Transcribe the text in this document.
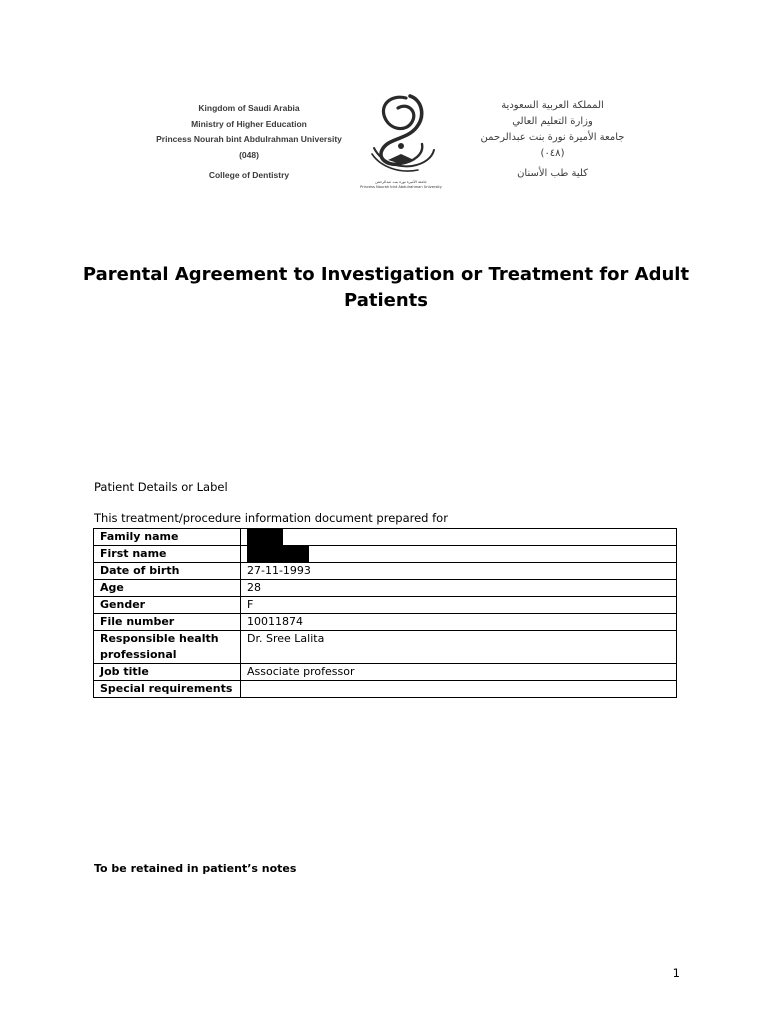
Kingdom of Saudi Arabia
Ministry of Higher Education
Princess Nourah bint Abdulrahman University
(048)
College of Dentistry
جامعة الأميرة نورة بنت عبدالرحمن
Princess Nourah bint Abdulrahman University
المملكة العربية السعودية
وزارة التعليم العالي
جامعة الأميرة نورة بنت عبدالرحمن
(٠٤٨)
كلية طب الأسنان
Parental Agreement to Investigation or Treatment for Adult Patients
Patient Details or Label
This treatment/procedure information document prepared for
Family name	
First name	
Date of birth	27-11-1993
Age	28
Gender	F
File number	10011874
Responsible health professional	Dr. Sree Lalita
Job title	Associate professor
Special requirements	
To be retained in patient’s notes
1
